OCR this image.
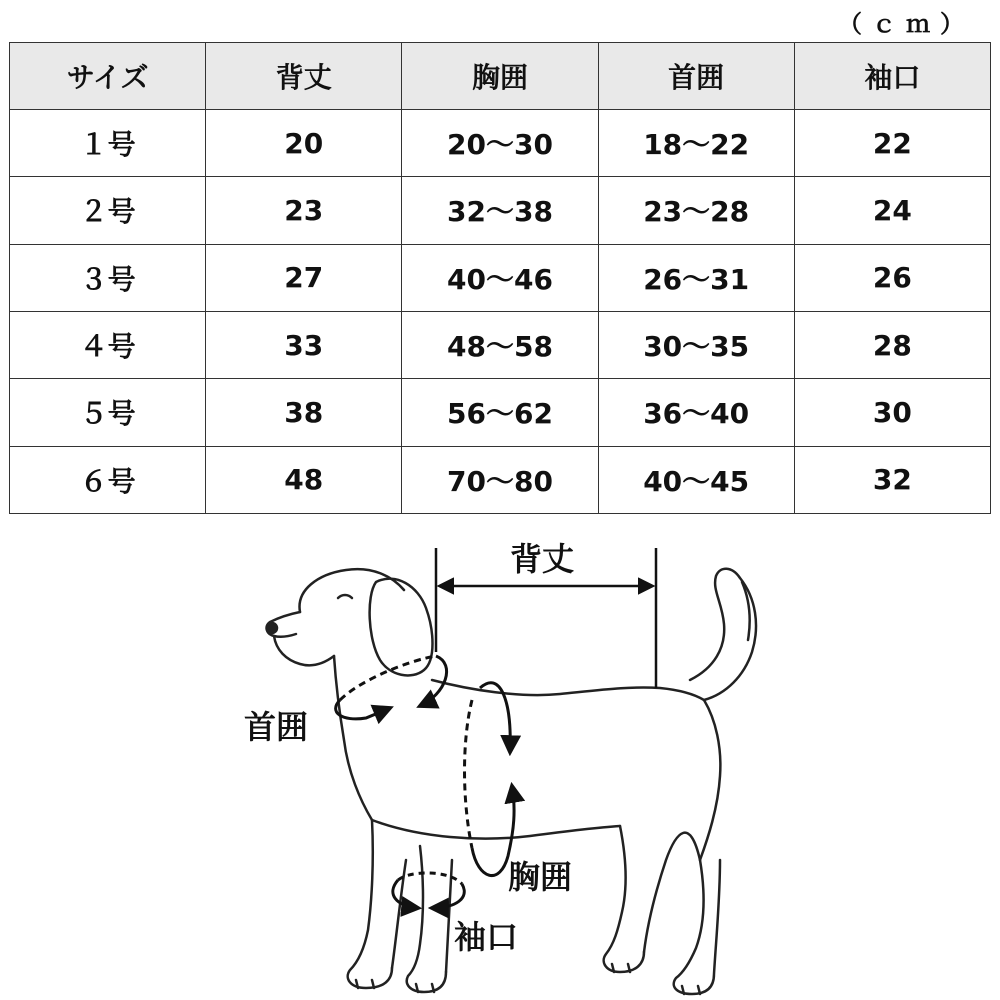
（ｃｍ）
サイズ	背丈	胸囲	首囲	袖口
１号	20	20～30	18～22	22
２号	23	32～38	23～28	24
３号	27	40～46	26～31	26
４号	33	48～58	30～35	28
５号	38	56～62	36～40	30
６号	48	70～80	40～45	32
背丈
首囲
胸囲
袖口
